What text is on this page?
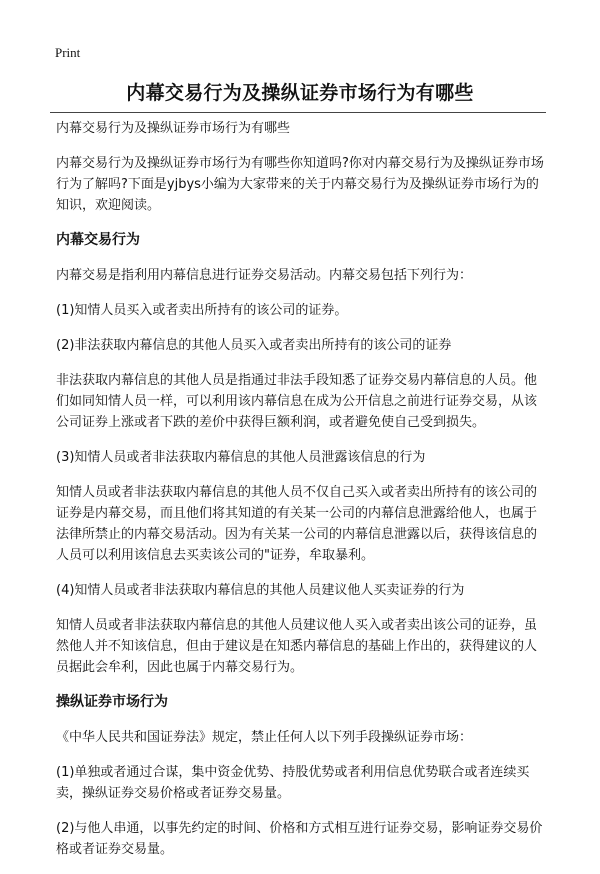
Print
内幕交易行为及操纵证券市场行为有哪些
内幕交易行为及操纵证券市场行为有哪些
内幕交易行为及操纵证券市场行为有哪些你知道吗?你对内幕交易行为及操纵证券市场行为了解吗?下面是yjbys小编为大家带来的关于内幕交易行为及操纵证券市场行为的知识，欢迎阅读。
内幕交易行为
内幕交易是指利用内幕信息进行证券交易活动。内幕交易包括下列行为：
(1)知情人员买入或者卖出所持有的该公司的证券。
(2)非法获取内幕信息的其他人员买入或者卖出所持有的该公司的证券
非法获取内幕信息的其他人员是指通过非法手段知悉了证券交易内幕信息的人员。他们如同知情人员一样，可以利用该内幕信息在成为公开信息之前进行证券交易，从该公司证券上涨或者下跌的差价中获得巨额利润，或者避免使自己受到损失。
(3)知情人员或者非法获取内幕信息的其他人员泄露该信息的行为
知情人员或者非法获取内幕信息的其他人员不仅自己买入或者卖出所持有的该公司的证券是内幕交易，而且他们将其知道的有关某一公司的内幕信息泄露给他人，也属于法律所禁止的内幕交易活动。因为有关某一公司的内幕信息泄露以后，获得该信息的人员可以利用该信息去买卖该公司的"证券，牟取暴利。
(4)知情人员或者非法获取内幕信息的其他人员建议他人买卖证券的行为
知情人员或者非法获取内幕信息的其他人员建议他人买入或者卖出该公司的证券，虽然他人并不知该信息，但由于建议是在知悉内幕信息的基础上作出的，获得建议的人员据此会牟利，因此也属于内幕交易行为。
操纵证券市场行为
《中华人民共和国证券法》规定，禁止任何人以下列手段操纵证券市场：
(1)单独或者通过合谋，集中资金优势、持股优势或者利用信息优势联合或者连续买卖，操纵证券交易价格或者证券交易量。
(2)与他人串通，以事先约定的时间、价格和方式相互进行证券交易，影响证券交易价格或者证券交易量。
